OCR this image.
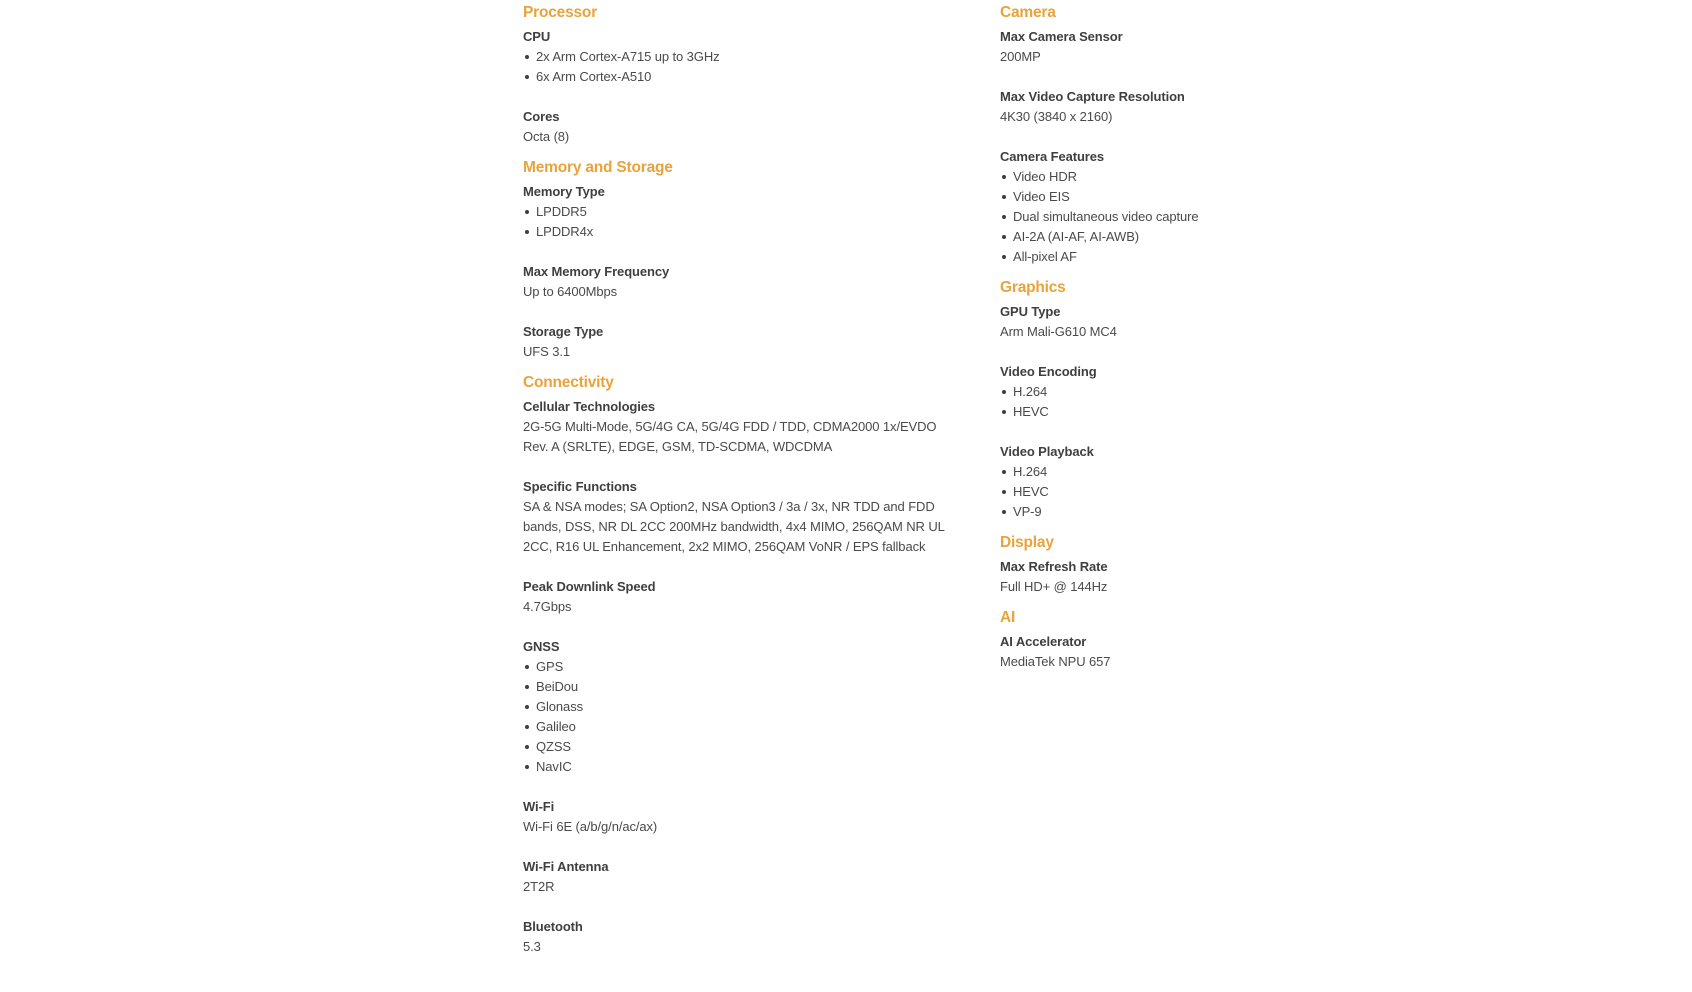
Processor
CPU
2x Arm Cortex-A715 up to 3GHz
6x Arm Cortex-A510
Cores
Octa (8)
Memory and Storage
Memory Type
LPDDR5
LPDDR4x
Max Memory Frequency
Up to 6400Mbps
Storage Type
UFS 3.1
Connectivity
Cellular Technologies
2G-5G Multi-Mode, 5G/4G CA, 5G/4G FDD / TDD, CDMA2000 1x/EVDO Rev. A (SRLTE), EDGE, GSM, TD-SCDMA, WDCDMA
Specific Functions
SA & NSA modes; SA Option2, NSA Option3 / 3a / 3x, NR TDD and FDD bands, DSS, NR DL 2CC 200MHz bandwidth, 4x4 MIMO, 256QAM NR UL 2CC, R16 UL Enhancement, 2x2 MIMO, 256QAM VoNR / EPS fallback
Peak Downlink Speed
4.7Gbps
GNSS
GPS
BeiDou
Glonass
Galileo
QZSS
NavIC
Wi-Fi
Wi-Fi 6E (a/b/g/n/ac/ax)
Wi-Fi Antenna
2T2R
Bluetooth
5.3
Camera
Max Camera Sensor
200MP
Max Video Capture Resolution
4K30 (3840 x 2160)
Camera Features
Video HDR
Video EIS
Dual simultaneous video capture
AI-2A (AI-AF, AI-AWB)
All-pixel AF
Graphics
GPU Type
Arm Mali-G610 MC4
Video Encoding
H.264
HEVC
Video Playback
H.264
HEVC
VP-9
Display
Max Refresh Rate
Full HD+ @ 144Hz
AI
AI Accelerator
MediaTek NPU 657
